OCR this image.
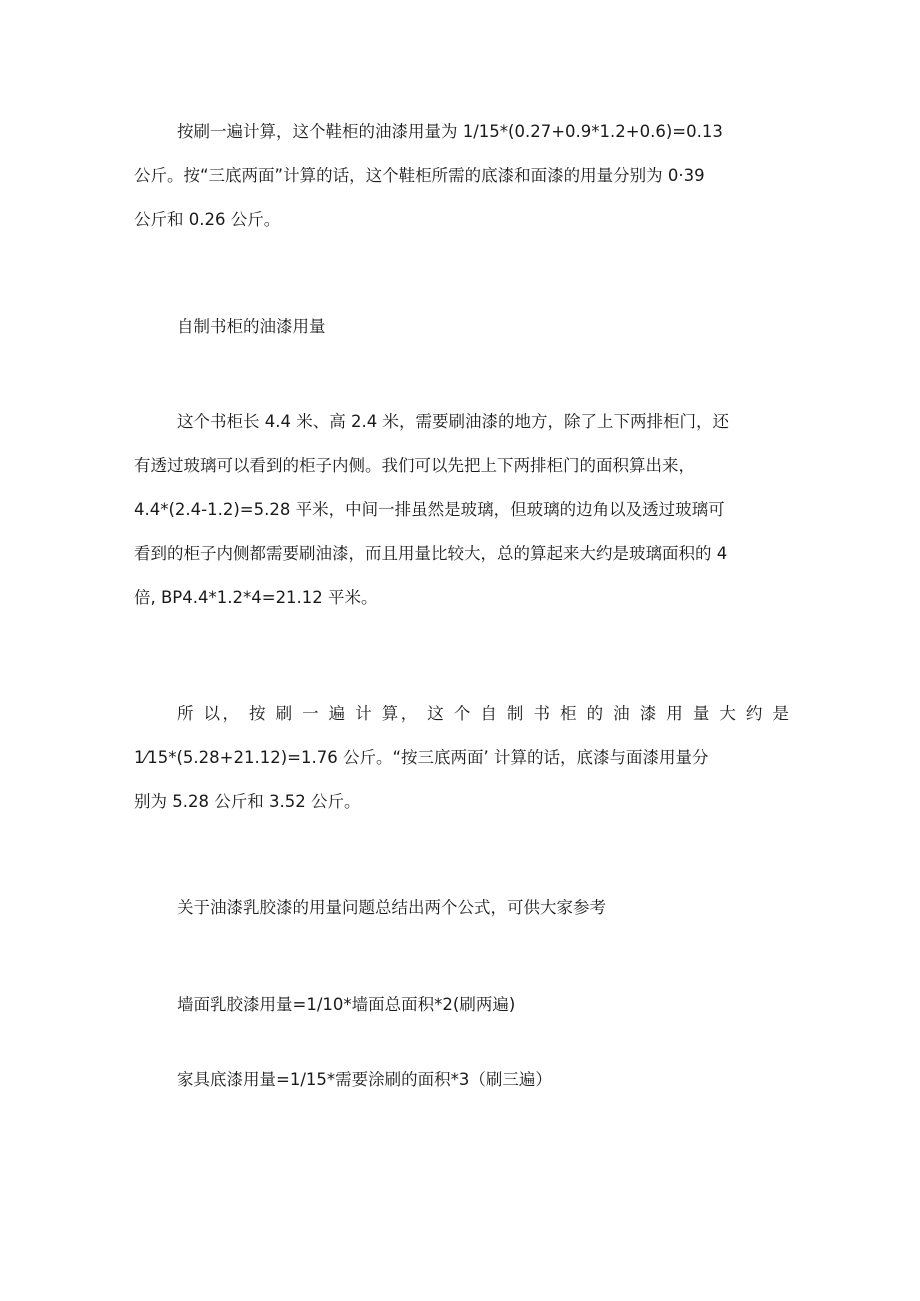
按刷一遍计算，这个鞋柜的油漆用量为 1/15*(0.27+0.9*1.2+0.6)=0.13
公斤。按“三底两面”计算的话，这个鞋柜所需的底漆和面漆的用量分别为 0·39
公斤和 0.26 公斤。

自制书柜的油漆用量

这个书柜长 4.4 米、高 2.4 米，需要刷油漆的地方，除了上下两排柜门，还
有透过玻璃可以看到的柜子内侧。我们可以先把上下两排柜门的面积算出来，
4.4*(2.4-1.2)=5.28 平米，中间一排虽然是玻璃，但玻璃的边角以及透过玻璃可
看到的柜子内侧都需要刷油漆，而且用量比较大，总的算起来大约是玻璃面积的 4
倍, BP4.4*1.2*4=21.12 平米。
所 以， 按 刷 一 遍 计 算， 这 个 自 制 书 柜 的 油 漆 用 量 大 约 是
1⁄15*(5.28+21.12)=1.76 公斤。“按三底两面’ 计算的话，底漆与面漆用量分
别为 5.28 公斤和 3.52 公斤。

关于油漆乳胶漆的用量问题总结出两个公式，可供大家参考

墙面乳胶漆用量=1/10*墙面总面积*2(刷两遍)

家具底漆用量=1/15*需要涂刷的面积*3（刷三遍）
